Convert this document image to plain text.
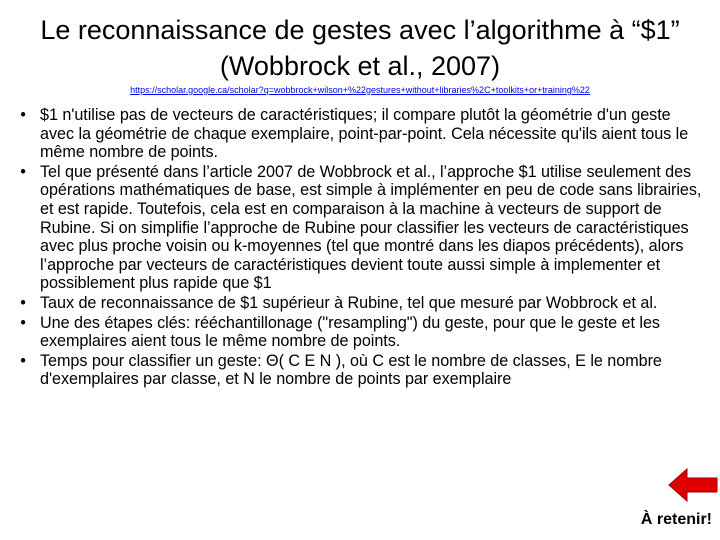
Le reconnaissance de gestes avec l’algorithme à “$1” (Wobbrock et al., 2007)
https://scholar.google.ca/scholar?q=wobbrock+wilson+%22gestures+without+libraries%2C+toolkits+or+training%22
• $1 n'utilise pas de vecteurs de caractéristiques; il compare plutôt la géométrie d'un geste avec la géométrie de chaque exemplaire, point-par-point. Cela nécessite qu'ils aient tous le même nombre de points.
• Tel que présenté dans l’article 2007 de Wobbrock et al., l’approche $1 utilise seulement des opérations mathématiques de base, est simple à implémenter en peu de code sans librairies, et est rapide. Toutefois, cela est en comparaison à la machine à vecteurs de support de Rubine. Si on simplifie l’approche de Rubine pour classifier les vecteurs de caractéristiques avec plus proche voisin ou k-moyennes (tel que montré dans les diapos précédents), alors l’approche par vecteurs de caractéristiques devient toute aussi simple à implementer et possiblement plus rapide que $1
• Taux de reconnaissance de $1 supérieur à Rubine, tel que mesuré par Wobbrock et al.
• Une des étapes clés: rééchantillonage ("resampling") du geste, pour que le geste et les exemplaires aient tous le même nombre de points.
• Temps pour classifier un geste: Θ( C E N ), où C est le nombre de classes, E le nombre d'exemplaires par classe, et N le nombre de points par exemplaire
À retenir!
